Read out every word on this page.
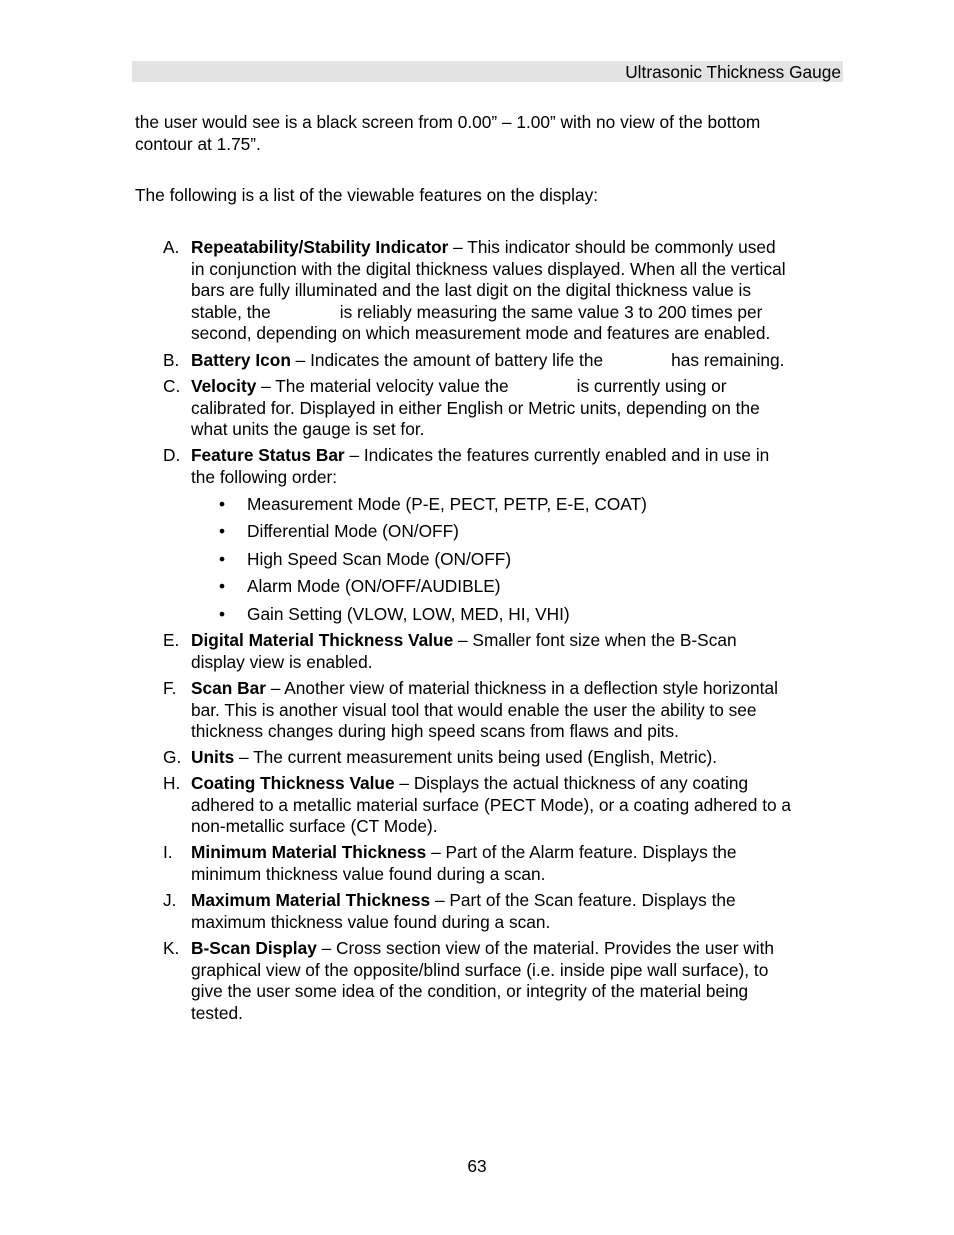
Ultrasonic Thickness Gauge
the user would see is a black screen from 0.00” – 1.00” with no view of the bottom
contour at 1.75”.
The following is a list of the viewable features on the display:
A. Repeatability/Stability Indicator – This indicator should be commonly used
in conjunction with the digital thickness values displayed. When all the vertical
bars are fully illuminated and the last digit on the digital thickness value is
stable, the	is reliably measuring the same value 3 to 200 times per
second, depending on which measurement mode and features are enabled.
B. Battery Icon – Indicates the amount of battery life the	has remaining.
C. Velocity – The material velocity value the	is currently using or
calibrated for. Displayed in either English or Metric units, depending on the
what units the gauge is set for.
D. Feature Status Bar – Indicates the features currently enabled and in use in
the following order:
• Measurement Mode (P-E, PECT, PETP, E-E, COAT)
• Differential Mode (ON/OFF)
• High Speed Scan Mode (ON/OFF)
• Alarm Mode (ON/OFF/AUDIBLE)
• Gain Setting (VLOW, LOW, MED, HI, VHI)
E. Digital Material Thickness Value – Smaller font size when the B-Scan
display view is enabled.
F. Scan Bar – Another view of material thickness in a deflection style horizontal
bar. This is another visual tool that would enable the user the ability to see
thickness changes during high speed scans from flaws and pits.
G. Units – The current measurement units being used (English, Metric).
H. Coating Thickness Value – Displays the actual thickness of any coating
adhered to a metallic material surface (PECT Mode), or a coating adhered to a
non-metallic surface (CT Mode).
I. Minimum Material Thickness – Part of the Alarm feature. Displays the
minimum thickness value found during a scan.
J. Maximum Material Thickness – Part of the Scan feature. Displays the
maximum thickness value found during a scan.
K. B-Scan Display – Cross section view of the material. Provides the user with
graphical view of the opposite/blind surface (i.e. inside pipe wall surface), to
give the user some idea of the condition, or integrity of the material being
tested.
63
